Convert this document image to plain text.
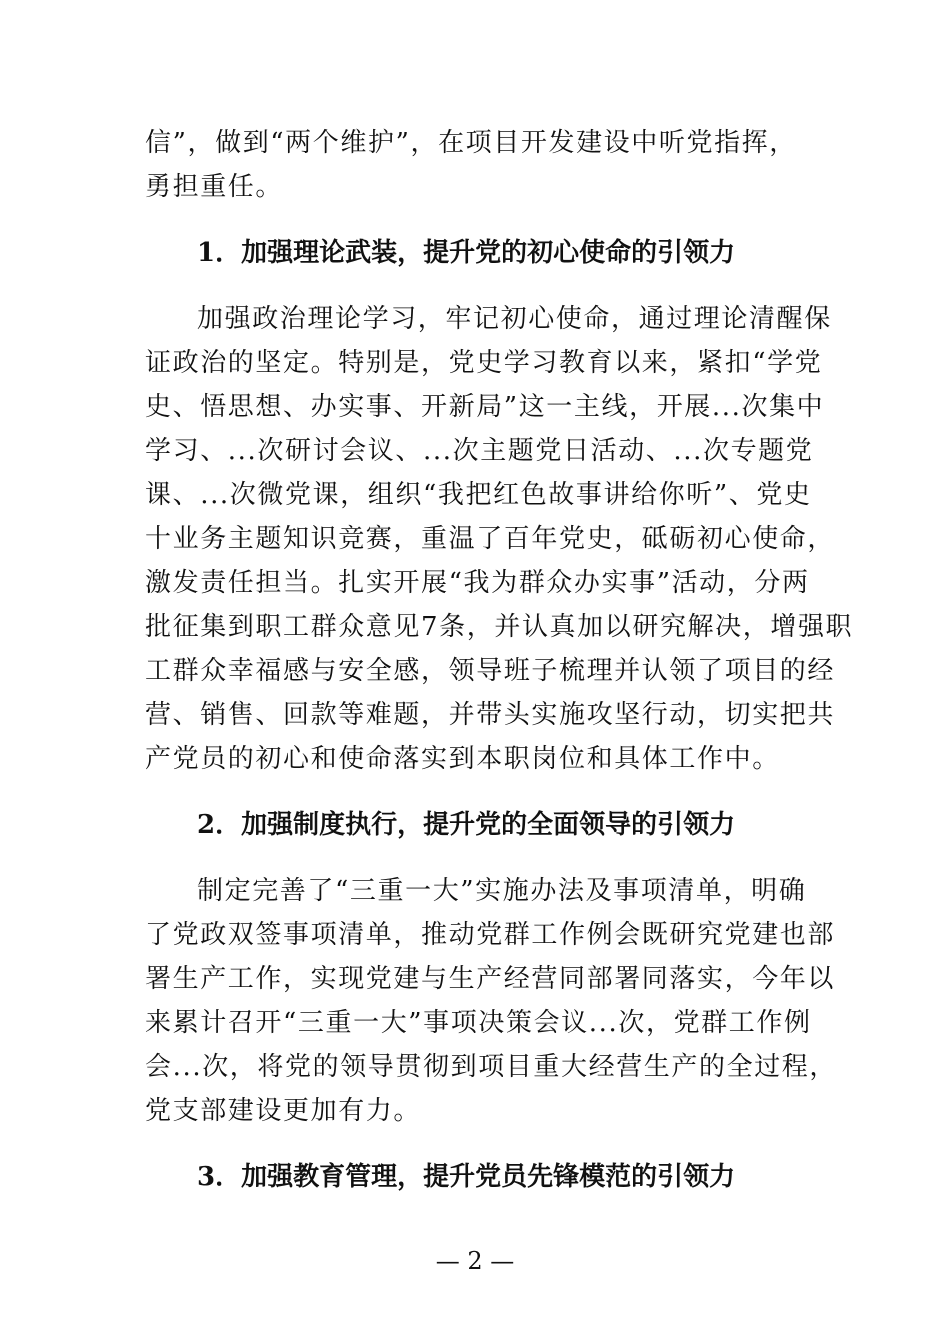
信”，做到“两个维护”，在项目开发建设中听党指挥，
勇担重任。
1．加强理论武装，提升党的初心使命的引领力
加强政治理论学习，牢记初心使命，通过理论清醒保
证政治的坚定。特别是，党史学习教育以来，紧扣“学党
史、悟思想、办实事、开新局”这一主线，开展...次集中
学习、...次研讨会议、...次主题党日活动、...次专题党
课、...次微党课，组织“我把红色故事讲给你听”、党史
十业务主题知识竞赛，重温了百年党史，砥砺初心使命，
激发责任担当。扎实开展“我为群众办实事”活动，分两
批征集到职工群众意见7条，并认真加以研究解决，增强职
工群众幸福感与安全感，领导班子梳理并认领了项目的经
营、销售、回款等难题，并带头实施攻坚行动，切实把共
产党员的初心和使命落实到本职岗位和具体工作中。
2．加强制度执行，提升党的全面领导的引领力
制定完善了“三重一大”实施办法及事项清单，明确
了党政双签事项清单，推动党群工作例会既研究党建也部
署生产工作，实现党建与生产经营同部署同落实，今年以
来累计召开“三重一大”事项决策会议...次，党群工作例
会...次，将党的领导贯彻到项目重大经营生产的全过程，
党支部建设更加有力。
3．加强教育管理，提升党员先锋模范的引领力
— 2 —
